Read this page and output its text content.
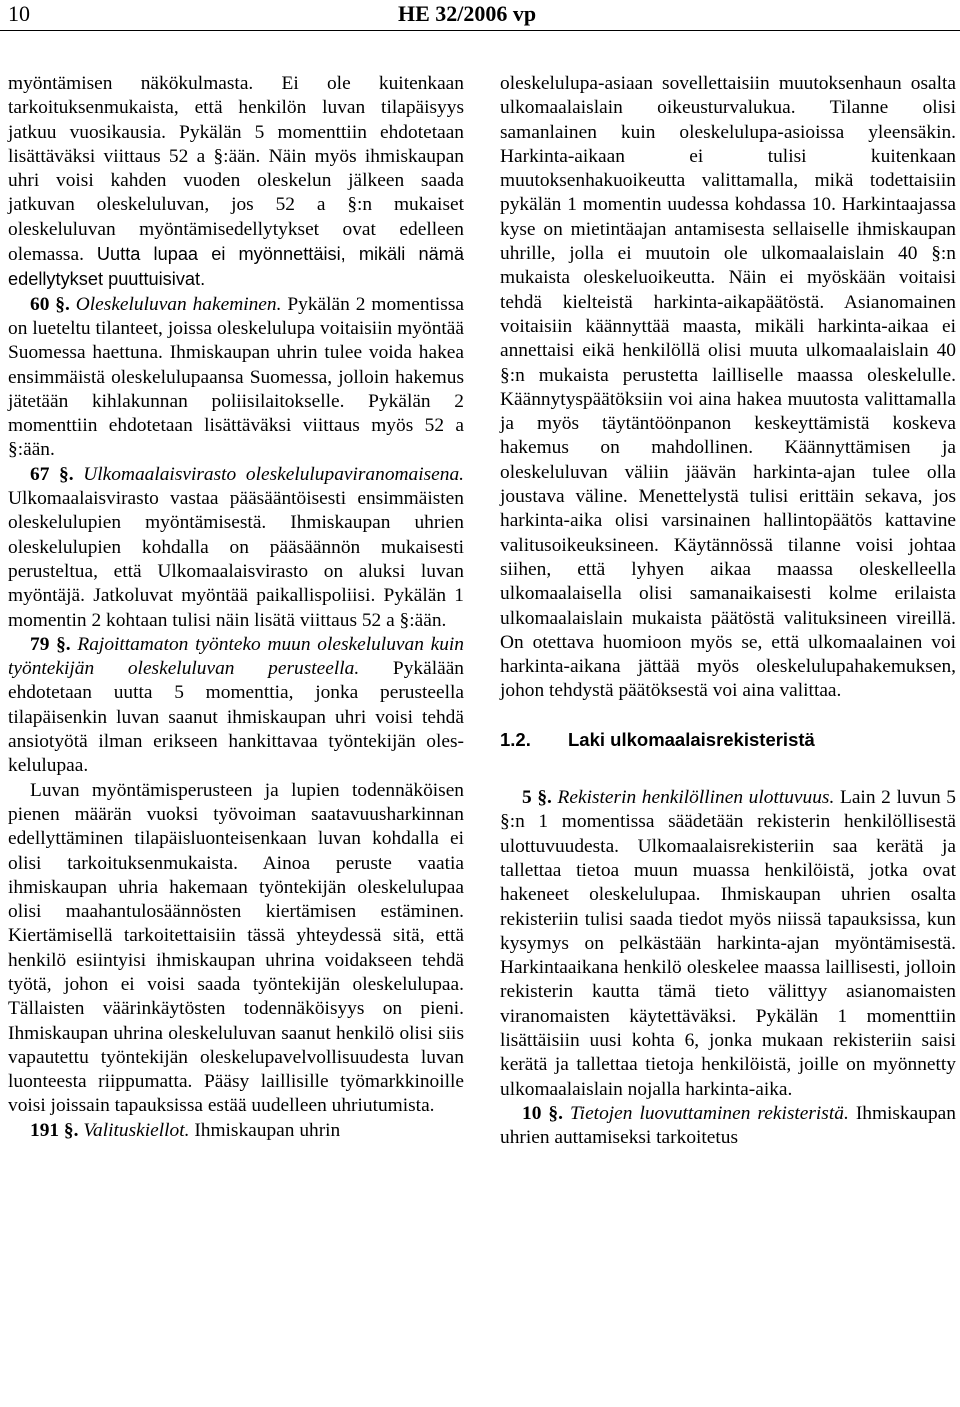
10	HE 32/2006 vp

myöntämisen näkökulmasta. Ei ole kuitenkaan tarkoituksenmukaista, että henkilön luvan tilapäisyys jatkuu vuosikausia. Pykälän 5 momenttiin ehdotetaan lisättäväksi viittaus 52 a §:ään. Näin myös ihmiskaupan uhri voisi kahden vuoden oleskelun jälkeen saada jatkuvan oleskeluluvan, jos 52 a §:n mukaiset oleskeluluvan myöntämisedellytykset ovat edelleen olemassa. Uutta lupaa ei myönnettäisi, mikäli nämä edellytykset puuttuisivat.

60 §. Oleskeluluvan hakeminen. Pykälän 2 momentissa on lueteltu tilanteet, joissa oleskelulupa voitaisiin myöntää Suomessa haettuna. Ihmiskaupan uhrin tulee voida hakea ensimmäistä oleskelulupaansa Suomessa, jolloin hakemus jätetään kihlakunnan poliisilaitokselle. Pykälän 2 momenttiin ehdotetaan lisättäväksi viittaus myös 52 a §:ään.

67 §. Ulkomaalaisvirasto oleskelulupaviranomaisena. Ulkomaalaisvirasto vastaa pääsääntöisesti ensimmäisten oleskelulupien myöntämisestä. Ihmiskaupan uhrien oleskelulupien kohdalla on pääsäännön mukaisesti perusteltua, että Ulkomaalaisvirasto on aluksi luvan myöntäjä. Jatkoluvat myöntää paikallispoliisi. Pykälän 1 momentin 2 kohtaan tulisi näin lisätä viittaus 52 a §:ään.

79 §. Rajoittamaton työnteko muun oleskeluluvan kuin työntekijän oleskeluluvan perusteella. Pykälään ehdotetaan uutta 5 momenttia, jonka perusteella tilapäisenkin luvan saanut ihmiskaupan uhri voisi tehdä ansiotyötä ilman erikseen hankittavaa työntekijän oleskelulupaa.

Luvan myöntämisperusteen ja lupien todennäköisen pienen määrän vuoksi työvoiman saatavuusharkinnan edellyttäminen tilapäisluonteisenkaan luvan kohdalla ei olisi tarkoituksenmukaista. Ainoa peruste vaatia ihmiskaupan uhria hakemaan työntekijän oleskelulupaa olisi maahantulosäännösten kiertämisen estäminen. Kiertämisellä tarkoitettaisiin tässä yhteydessä sitä, että henkilö esiintyisi ihmiskaupan uhrina voidakseen tehdä työtä, johon ei voisi saada työntekijän oleskelulupaa. Tällaisten väärinkäytösten todennäköisyys on pieni. Ihmiskaupan uhrina oleskeluluvan saanut henkilö olisi siis vapautettu työntekijän oleskelupavelvollisuudesta luvan luonteesta riippumatta. Pääsy laillisille työmarkkinoille voisi joissain tapauksissa estää uudelleen uhriutumista.

191 §. Valituskiellot. Ihmiskaupan uhrin

oleskelulupa-asiaan sovellettaisiin muutoksenhaun osalta ulkomaalaislain oikeusturvalukua. Tilanne olisi samanlainen kuin oleskelulupa-asioissa yleensäkin. Harkinta-aikaan ei tulisi kuitenkaan muutoksenhakuoikeutta valittamalla, mikä todettaisiin pykälän 1 momentin uudessa kohdassa 10. Harkintaajassa kyse on mietintäajan antamisesta sellaiselle ihmiskaupan uhrille, jolla ei muutoin ole ulkomaalaislain 40 §:n mukaista oleskeluoikeutta. Näin ei myöskään voitaisi tehdä kielteistä harkinta-aikapäätöstä. Asianomainen voitaisiin käännyttää maasta, mikäli harkinta-aikaa ei annettaisi eikä henkilöllä olisi muuta ulkomaalaislain 40 §:n mukaista perustetta lailliselle maassa oleskelulle. Käännytyspäätöksiin voi aina hakea muutosta valittamalla ja myös täytäntöönpanon keskeyttämistä koskeva hakemus on mahdollinen. Käännyttämisen ja oleskeluluvan väliin jäävän harkinta-ajan tulee olla joustava väline. Menettelystä tulisi erittäin sekava, jos harkinta-aika olisi varsinainen hallintopäätös kattavine valitusoikeuksineen. Käytännössä tilanne voisi johtaa siihen, että lyhyen aikaa maassa oleskelleella ulkomaalaisella olisi samanaikaisesti kolme erilaista ulkomaalaislain mukaista päätöstä valituksineen vireillä. On otettava huomioon myös se, että ulkomaalainen voi harkinta-aikana jättää myös oleskelulupahakemuksen, johon tehdystä päätöksestä voi aina valittaa.

1.2.	Laki ulkomaalaisrekisteristä

5 §. Rekisterin henkilöllinen ulottuvuus. Lain 2 luvun 5 §:n 1 momentissa säädetään rekisterin henkilöllisestä ulottuvuudesta. Ulkomaalaisrekisteriin saa kerätä ja tallettaa tietoa muun muassa henkilöistä, jotka ovat hakeneet oleskelulupaa. Ihmiskaupan uhrien osalta rekisteriin tulisi saada tiedot myös niissä tapauksissa, kun kysymys on pelkästään harkinta-ajan myöntämisestä. Harkintaaikana henkilö oleskelee maassa laillisesti, jolloin rekisterin kautta tämä tieto välittyy asianomaisten viranomaisten käytettäväksi. Pykälän 1 momenttiin lisättäisiin uusi kohta 6, jonka mukaan rekisteriin saisi kerätä ja tallettaa tietoja henkilöistä, joille on myönnetty ulkomaalaislain nojalla harkinta-aika.

10 §. Tietojen luovuttaminen rekisteristä. Ihmiskaupan uhrien auttamiseksi tarkoitetus
